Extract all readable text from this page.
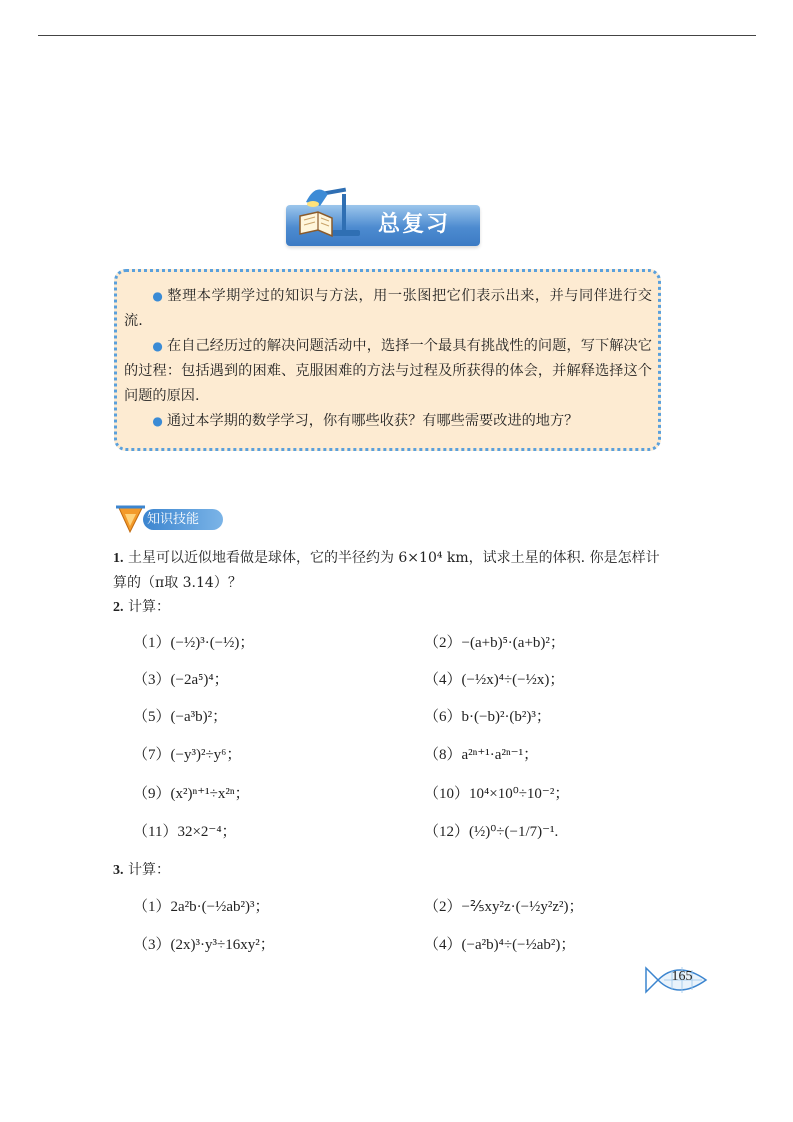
总复习

● 整理本学期学过的知识与方法，用一张图把它们表示出来，并与同伴进行交流.

● 在自己经历过的解决问题活动中，选择一个最具有挑战性的问题，写下解决它的过程：包括遇到的困难、克服困难的方法与过程及所获得的体会，并解释选择这个问题的原因.

● 通过本学期的数学学习，你有哪些收获？有哪些需要改进的地方？

知识技能
1. 土星可以近似地看做是球体，它的半径约为 6×10⁴ km，试求土星的体积. 你是怎样计算的（π取 3.14）？
2. 计算：
（1）(−½)³·(−½)；	（2）−(a+b)⁵·(a+b)²；
（3）(−2a⁵)⁴；	（4）(−½x)⁴÷(−½x)；
（5）(−a³b)²；	（6）b·(−b)²·(b²)³；
（7）(−y³)²÷y⁶；	（8）a²ⁿ⁺¹·a²ⁿ⁻¹；
（9）(x²)ⁿ⁺¹÷x²ⁿ；	（10）10⁴×10⁰÷10⁻²；
（11）32×2⁻⁴；	（12）(½)⁰÷(−1/7)⁻¹.
3. 计算：
（1）2a²b·(−½ab²)³；	（2）−⅖xy²z·(−½y²z²)；
（3）(2x)³·y³÷16xy²；	（4）(−a²b)⁴÷(−½ab²)；
165
